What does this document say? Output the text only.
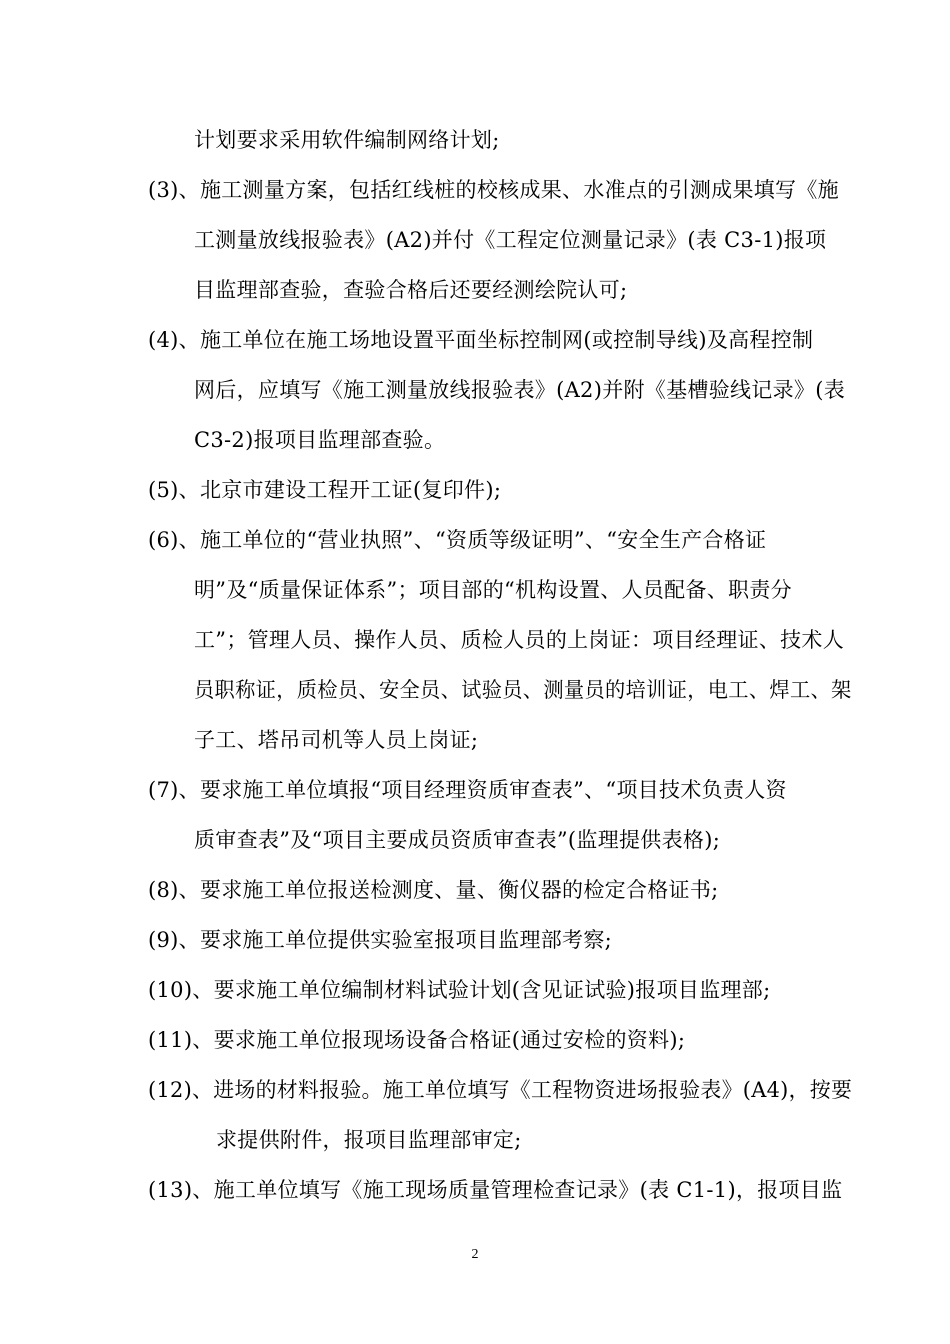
计划要求采用软件编制网络计划;
(3)、施工测量方案，包括红线桩的校核成果、水准点的引测成果填写《施
工测量放线报验表》(A2)并付《工程定位测量记录》(表 C3-1)报项
目监理部查验，查验合格后还要经测绘院认可;
(4)、施工单位在施工场地设置平面坐标控制网(或控制导线)及高程控制
网后，应填写《施工测量放线报验表》(A2)并附《基槽验线记录》(表
C3-2)报项目监理部查验。
(5)、北京市建设工程开工证(复印件);
(6)、施工单位的“营业执照”、“资质等级证明”、“安全生产合格证
明”及“质量保证体系”；项目部的“机构设置、人员配备、职责分
工”；管理人员、操作人员、质检人员的上岗证：项目经理证、技术人
员职称证，质检员、安全员、试验员、测量员的培训证，电工、焊工、架
子工、塔吊司机等人员上岗证;
(7)、要求施工单位填报“项目经理资质审查表”、“项目技术负责人资
质审查表”及“项目主要成员资质审查表”(监理提供表格);
(8)、要求施工单位报送检测度、量、衡仪器的检定合格证书;
(9)、要求施工单位提供实验室报项目监理部考察;
(10)、要求施工单位编制材料试验计划(含见证试验)报项目监理部;
(11)、要求施工单位报现场设备合格证(通过安检的资料);
(12)、进场的材料报验。施工单位填写《工程物资进场报验表》(A4)，按要
求提供附件，报项目监理部审定;
(13)、施工单位填写《施工现场质量管理检查记录》(表 C1-1)，报项目监
2
